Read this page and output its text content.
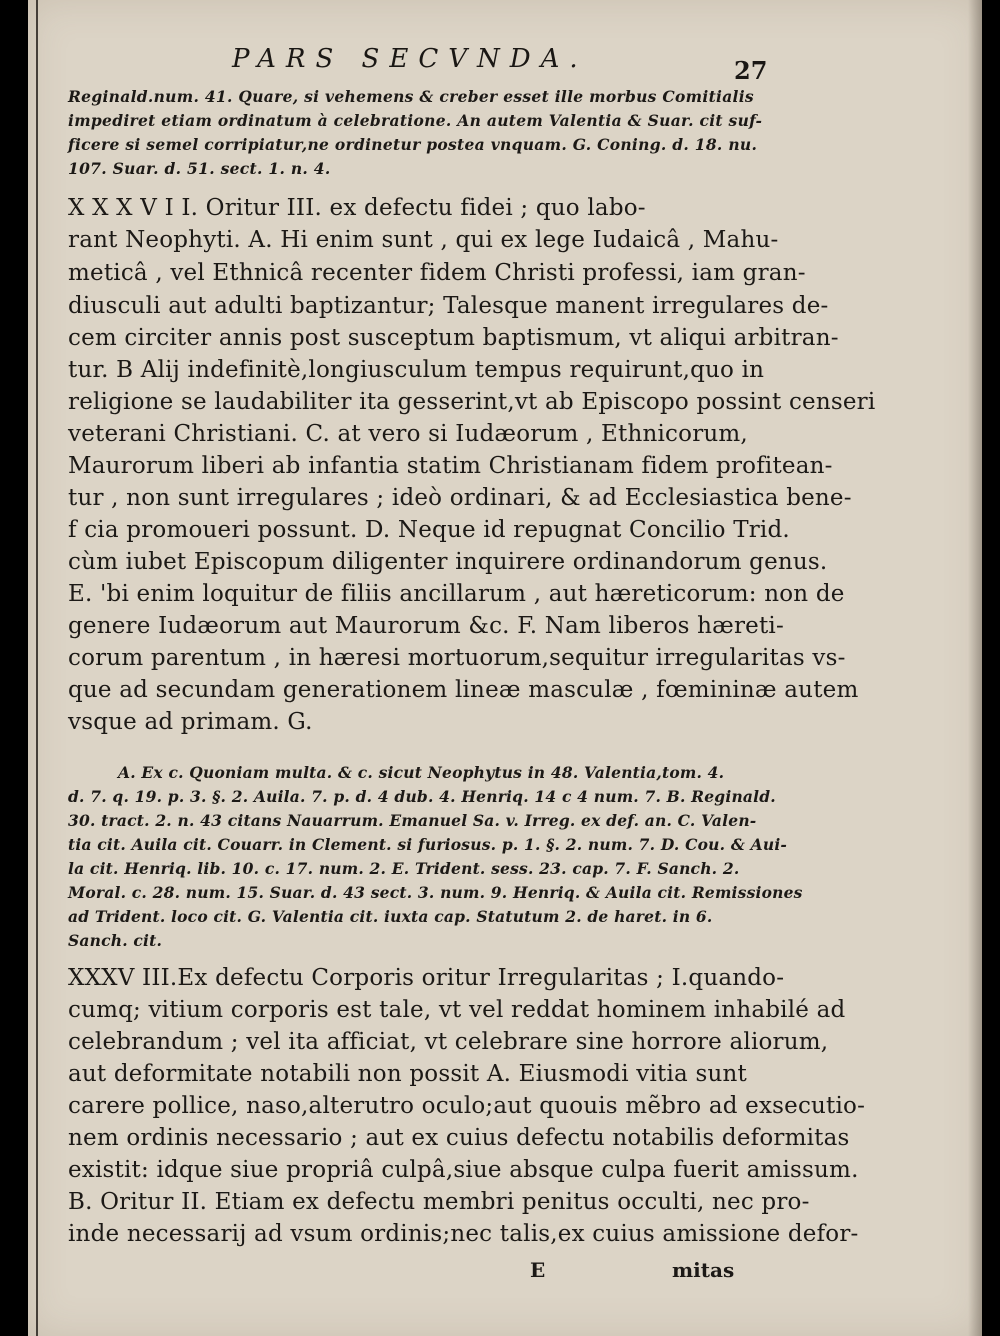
PARS SECVNDA.	27
Reginald.num. 41. Quare, si vehemens & creber esset ille morbus Comitialis
impediret etiam ordinatum à celebratione. An autem Valentia & Suar. cit suf-
ficere si semel corripiatur,ne ordinetur postea vnquam. G. Coning. d. 18. nu.
107. Suar. d. 51. sect. 1. n. 4.
X X X V I I. Oritur III. ex defectu fidei ; quo labo-
rant Neophyti. A. Hi enim sunt , qui ex lege Iudaicâ , Mahu-
meticâ , vel Ethnicâ recenter fidem Christi professi, iam gran-
diusculi aut adulti baptizantur; Talesque manent irregulares de-
cem circiter annis post susceptum baptismum, vt aliqui arbitran-
tur. B Alij indefinitè,longiusculum tempus requirunt,quo in
religione se laudabiliter ita gesserint,vt ab Episcopo possint censeri
veterani Christiani. C. at vero si Iudæorum , Ethnicorum,
Maurorum liberi ab infantia statim Christianam fidem profitean-
tur , non sunt irregulares ; ideò ordinari, & ad Ecclesiastica bene-
f cia promoueri possunt. D. Neque id repugnat Concilio Trid.
cùm iubet Episcopum diligenter inquirere ordinandorum genus.
E. 'bi enim loquitur de filiis ancillarum , aut hæreticorum: non de
genere Iudæorum aut Maurorum &c. F. Nam liberos hæreti-
corum parentum , in hæresi mortuorum,sequitur irregularitas vs-
que ad secundam generationem lineæ masculæ , fœmininæ autem
vsque ad primam. G.
A. Ex c. Quoniam multa. & c. sicut Neophytus in 48. Valentia,tom. 4.
d. 7. q. 19. p. 3. §. 2. Auila. 7. p. d. 4 dub. 4. Henriq. 14 c 4 num. 7. B. Reginald.
30. tract. 2. n. 43 citans Nauarrum. Emanuel Sa. v. Irreg. ex def. an. C. Valen-
tia cit. Auila cit. Couarr. in Clement. si furiosus. p. 1. §. 2. num. 7. D. Cou. & Aui-
la cit. Henriq. lib. 10. c. 17. num. 2. E. Trident. sess. 23. cap. 7. F. Sanch. 2.
Moral. c. 28. num. 15. Suar. d. 43 sect. 3. num. 9. Henriq. & Auila cit. Remissiones
ad Trident. loco cit. G. Valentia cit. iuxta cap. Statutum 2. de haret. in 6.
Sanch. cit.
XXXV III.Ex defectu Corporis oritur Irregularitas ; I.quando-
cumq; vitium corporis est tale, vt vel reddat hominem inhabilé ad
celebrandum ; vel ita afficiat, vt celebrare sine horrore aliorum,
aut deformitate notabili non possit A. Eiusmodi vitia sunt
carere pollice, naso,alterutro oculo;aut quouis mẽbro ad exsecutio-
nem ordinis necessario ; aut ex cuius defectu notabilis deformitas
existit: idque siue propriâ culpâ,siue absque culpa fuerit amissum.
B. Oritur II. Etiam ex defectu membri penitus occulti, nec pro-
inde necessarij ad vsum ordinis;nec talis,ex cuius amissione defor-
E	mitas
